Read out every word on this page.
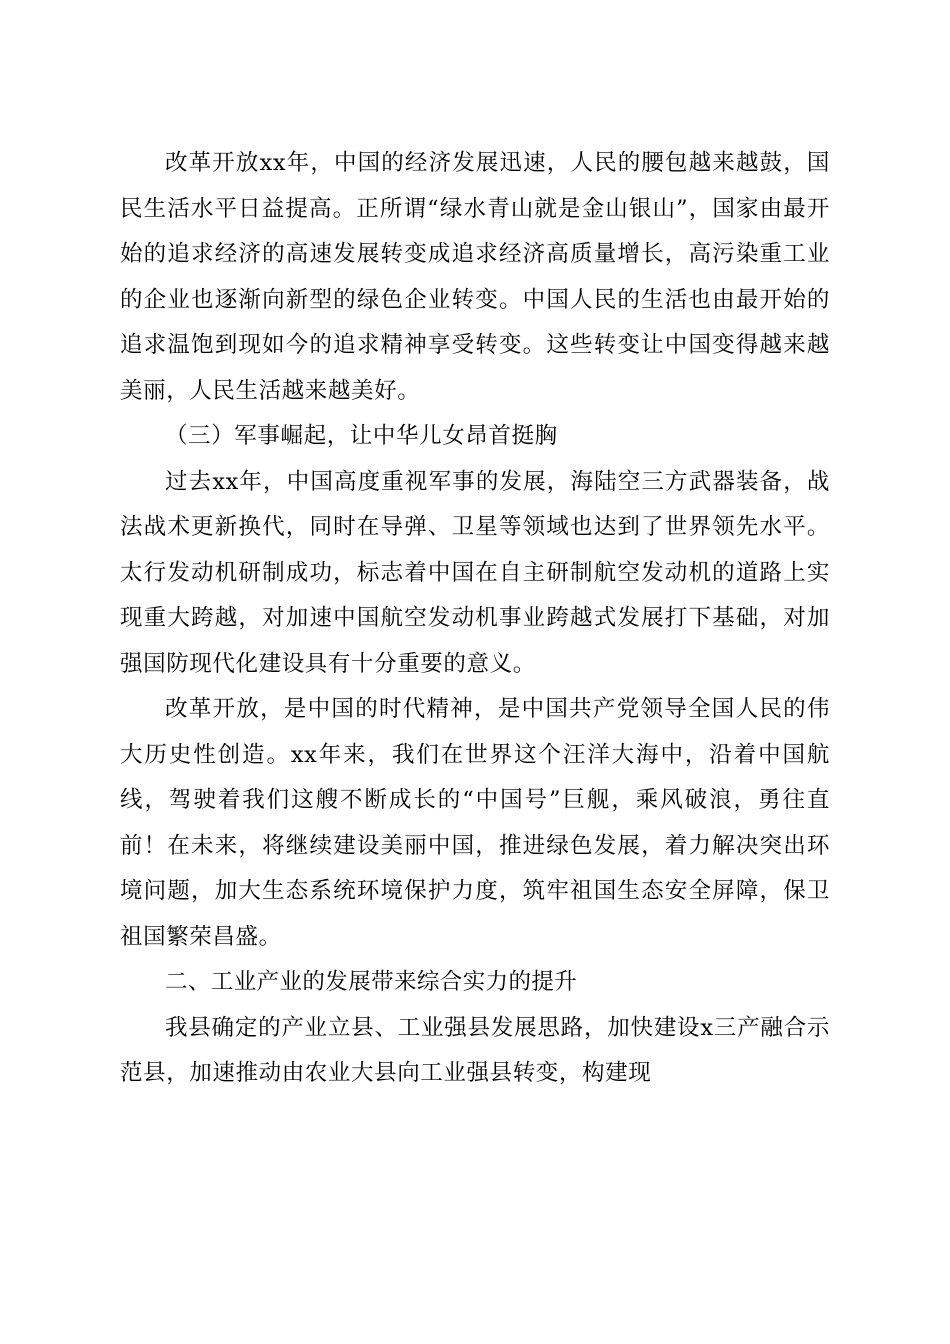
改革开放xx年，中国的经济发展迅速，人民的腰包越来越鼓，国民生活水平日益提高。正所谓“绿水青山就是金山银山”，国家由最开始的追求经济的高速发展转变成追求经济高质量增长，高污染重工业的企业也逐渐向新型的绿色企业转变。中国人民的生活也由最开始的追求温饱到现如今的追求精神享受转变。这些转变让中国变得越来越美丽，人民生活越来越美好。

（三）军事崛起，让中华儿女昂首挺胸

过去xx年，中国高度重视军事的发展，海陆空三方武器装备，战法战术更新换代，同时在导弹、卫星等领域也达到了世界领先水平。太行发动机研制成功，标志着中国在自主研制航空发动机的道路上实现重大跨越，对加速中国航空发动机事业跨越式发展打下基础，对加强国防现代化建设具有十分重要的意义。

改革开放，是中国的时代精神，是中国共产党领导全国人民的伟大历史性创造。xx年来，我们在世界这个汪洋大海中，沿着中国航线，驾驶着我们这艘不断成长的“中国号”巨舰，乘风破浪，勇往直前！在未来，将继续建设美丽中国，推进绿色发展，着力解决突出环境问题，加大生态系统环境保护力度，筑牢祖国生态安全屏障，保卫祖国繁荣昌盛。

二、工业产业的发展带来综合实力的提升

我县确定的产业立县、工业强县发展思路，加快建设x三产融合示范县，加速推动由农业大县向工业强县转变，构建现
